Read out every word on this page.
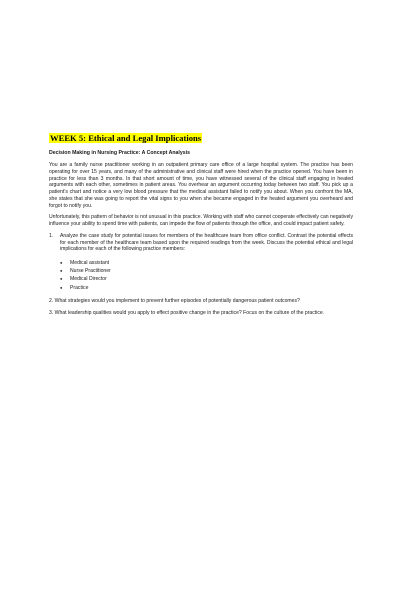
WEEK 5: Ethical and Legal Implications
Decision Making in Nursing Practice: A Concept Analysis

You are a family nurse practitioner working in an outpatient primary care office of a large hospital system. The practice has been operating for over 15 years, and many of the administrative and clinical staff were hired when the practice opened. You have been in practice for less than 3 months. In that short amount of time, you have witnessed several of the clinical staff engaging in heated arguments with each other, sometimes in patient areas. You overhear an argument occurring today between two staff. You pick up a patient’s chart and notice a very low blood pressure that the medical assistant failed to notify you about. When you confront the MA, she states that she was going to report the vital signs to you when she became engaged in the heated argument you overheard and forgot to notify you.

Unfortunately, this pattern of behavior is not unusual in this practice. Working with staff who cannot cooperate effectively can negatively influence your ability to spend time with patients, can impede the flow of patients through the office, and could impact patient safety.

1.	Analyze the case study for potential issues for members of the healthcare team from office conflict. Contrast the potential effects for each member of the healthcare team based upon the required readings from the week. Discuss the potential ethical and legal implications for each of the following practice members:
●	Medical assistant
●	Nurse Practitioner
●	Medical Director
●	Practice

2. What strategies would you implement to prevent further episodes of potentially dangerous patient outcomes?

3. What leadership qualities would you apply to effect positive change in the practice? Focus on the culture of the practice.
